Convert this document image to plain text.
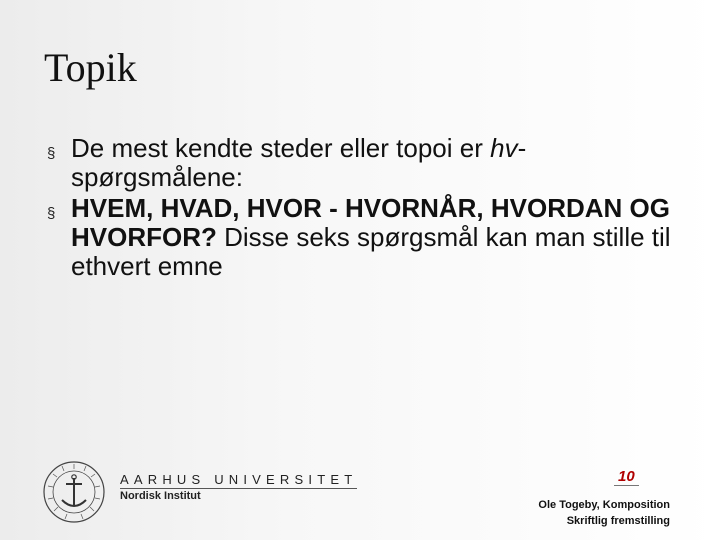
Topik
§ De mest kendte steder eller topoi er hv-spørgsmålene:
§ HVEM, HVAD, HVOR - HVORNÅR, HVORDAN OG HVORFOR? Disse seks spørgsmål kan man stille til ethvert emne
AARHUS UNIVERSITET
Nordisk Institut
10
Ole Togeby, Komposition
Skriftlig fremstilling
